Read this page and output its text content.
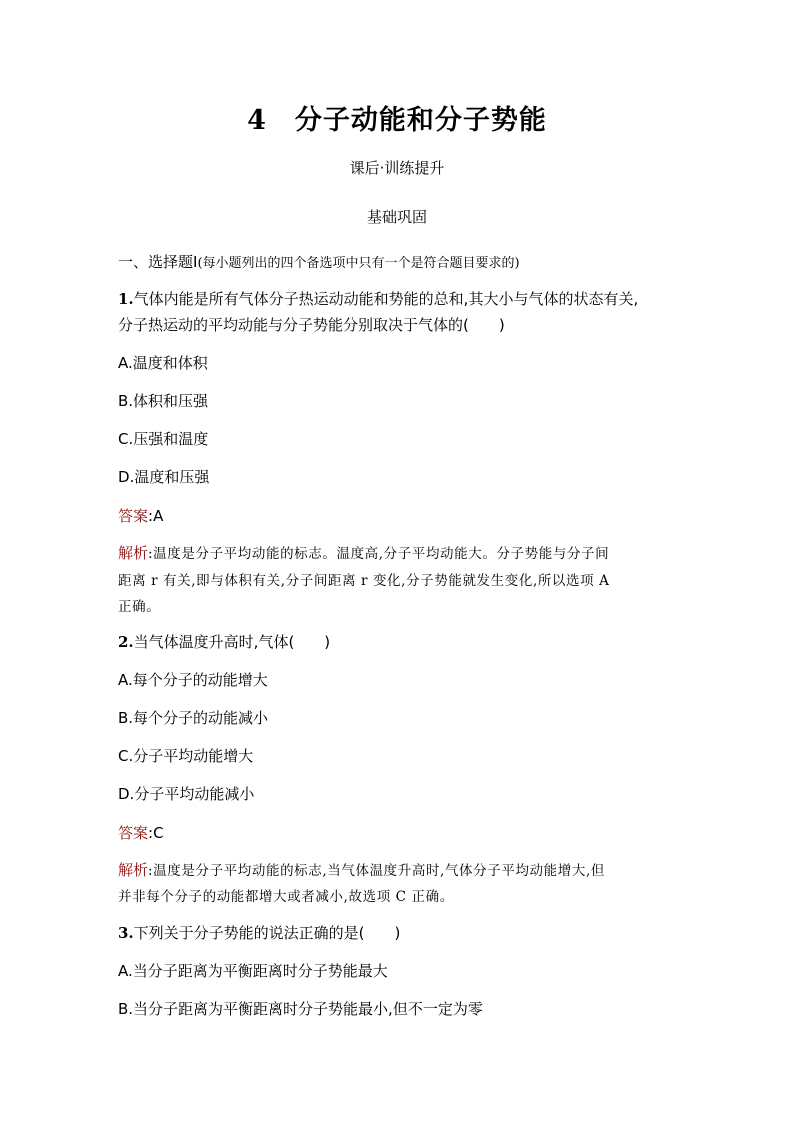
4 分子动能和分子势能
课后·训练提升
基础巩固
一、选择题Ⅰ(每小题列出的四个备选项中只有一个是符合题目要求的)
1.气体内能是所有气体分子热运动动能和势能的总和,其大小与气体的状态有关,
分子热运动的平均动能与分子势能分别取决于气体的(　　)
A.温度和体积
B.体积和压强
C.压强和温度
D.温度和压强
答案:A
解析:温度是分子平均动能的标志。温度高,分子平均动能大。分子势能与分子间
距离 r 有关,即与体积有关,分子间距离 r 变化,分子势能就发生变化,所以选项 A
正确。
2.当气体温度升高时,气体(　　)
A.每个分子的动能增大
B.每个分子的动能减小
C.分子平均动能增大
D.分子平均动能减小
答案:C
解析:温度是分子平均动能的标志,当气体温度升高时,气体分子平均动能增大,但
并非每个分子的动能都增大或者减小,故选项 C 正确。
3.下列关于分子势能的说法正确的是(　　)
A.当分子距离为平衡距离时分子势能最大
B.当分子距离为平衡距离时分子势能最小,但不一定为零
